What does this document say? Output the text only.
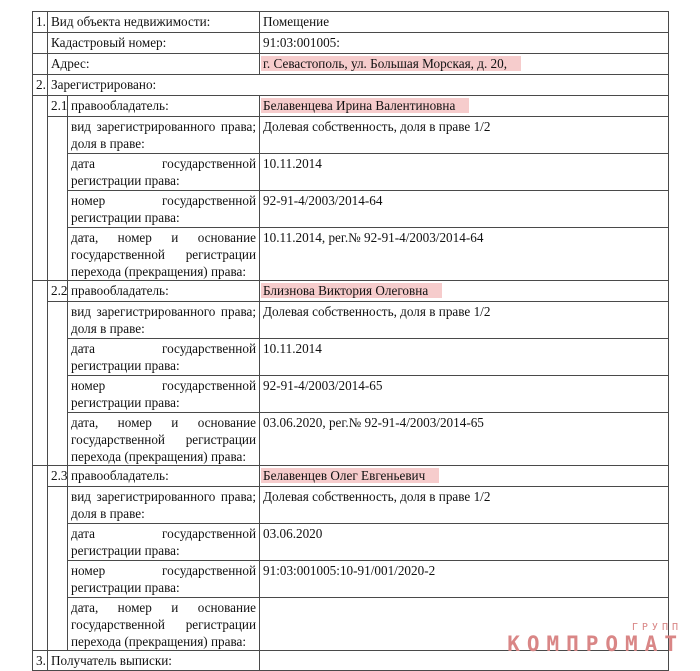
1.	Вид объекта недвижимости:		Помещение
	Кадастровый номер:		91:03:001005:
	Адрес:		г. Севастополь, ул. Большая Морская, д. 20,
2.	Зарегистрировано:		
	2.1	правообладатель:	Белавенцева Ирина Валентиновна
		вид зарегистрированного права; доля в праве:	Долевая собственность, доля в праве 1/2
		дата государственной регистрации права:	10.11.2014
		номер государственной регистрации права:	92-91-4/2003/2014-64
		дата, номер и основание государственной регистрации перехода (прекращения) права:	10.11.2014, рег.№ 92-91-4/2003/2014-64
	2.2	правообладатель:	Близнова Виктория Олеговна
		вид зарегистрированного права; доля в праве:	Долевая собственность, доля в праве 1/2
		дата государственной регистрации права:	10.11.2014
		номер государственной регистрации права:	92-91-4/2003/2014-65
		дата, номер и основание государственной регистрации перехода (прекращения) права:	03.06.2020, рег.№ 92-91-4/2003/2014-65
	2.3	правообладатель:	Белавенцев Олег Евгеньевич
		вид зарегистрированного права; доля в праве:	Долевая собственность, доля в праве 1/2
		дата государственной регистрации права:	03.06.2020
		номер государственной регистрации права:	91:03:001005:10-91/001/2020-2
		дата, номер и основание государственной регистрации перехода (прекращения) права:	
3.	Получатель выписки:		
ГРУПП
КОМПРОМАТ
